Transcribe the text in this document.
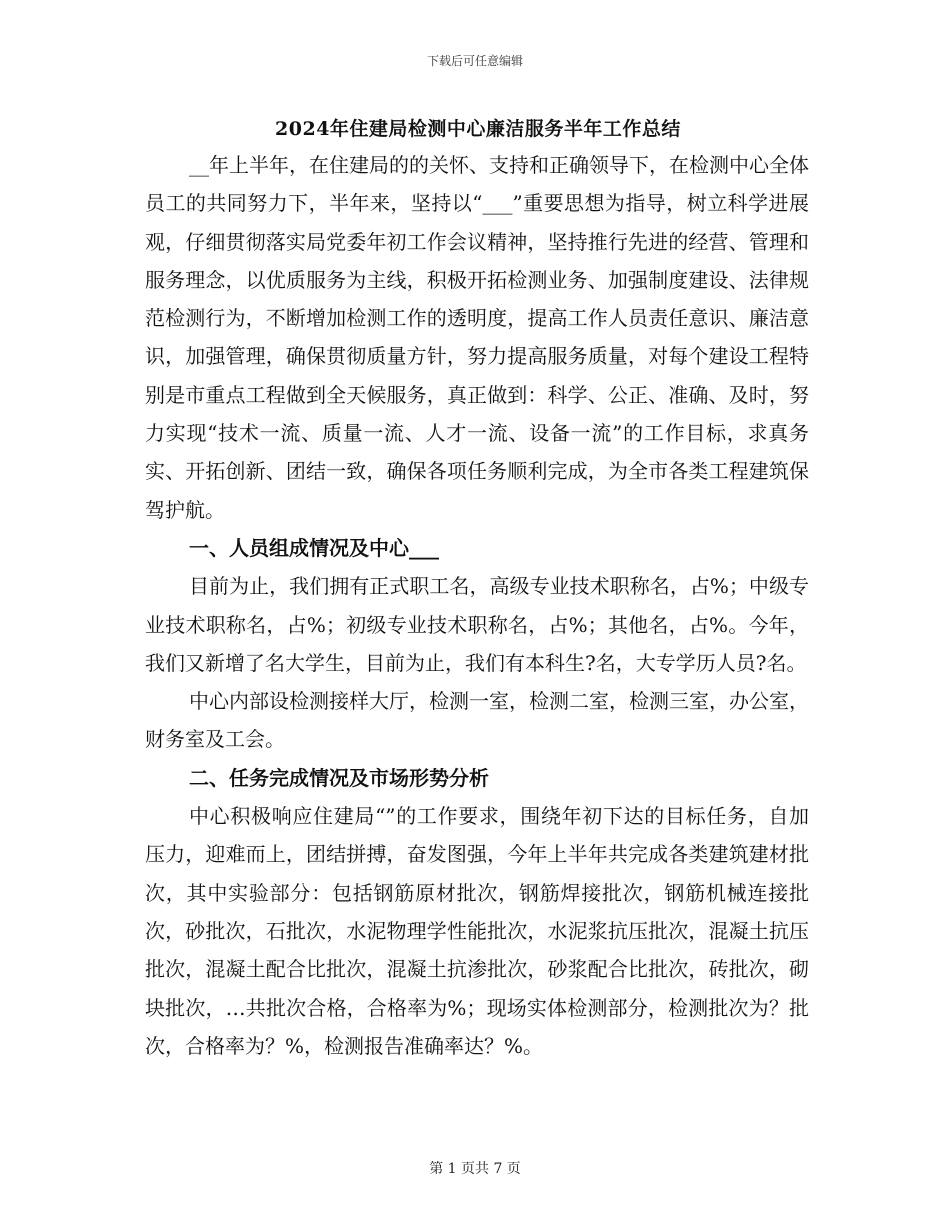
下载后可任意编辑
2024年住建局检测中心廉洁服务半年工作总结

__年上半年，在住建局的的关怀、支持和正确领导下，在检测中心全体员工的共同努力下，半年来，坚持以“___”重要思想为指导，树立科学进展观，仔细贯彻落实局党委年初工作会议精神，坚持推行先进的经营、管理和服务理念，以优质服务为主线，积极开拓检测业务、加强制度建设、法律规范检测行为，不断增加检测工作的透明度，提高工作人员责任意识、廉洁意识，加强管理，确保贯彻质量方针，努力提高服务质量，对每个建设工程特别是市重点工程做到全天候服务，真正做到：科学、公正、准确、及时，努力实现“技术一流、质量一流、人才一流、设备一流”的工作目标，求真务实、开拓创新、团结一致，确保各项任务顺利完成，为全市各类工程建筑保驾护航。

一、人员组成情况及中心___

目前为止，我们拥有正式职工名，高级专业技术职称名，占%；中级专业技术职称名，占%；初级专业技术职称名，占%；其他名，占%。今年，我们又新增了名大学生，目前为止，我们有本科生?名，大专学历人员?名。

中心内部设检测接样大厅，检测一室，检测二室，检测三室，办公室，财务室及工会。

二、任务完成情况及市场形势分析

中心积极响应住建局“”的工作要求，围绕年初下达的目标任务，自加压力，迎难而上，团结拼搏，奋发图强，今年上半年共完成各类建筑建材批次，其中实验部分：包括钢筋原材批次，钢筋焊接批次，钢筋机械连接批次，砂批次，石批次，水泥物理学性能批次，水泥浆抗压批次，混凝土抗压批次，混凝土配合比批次，混凝土抗渗批次，砂浆配合比批次，砖批次，砌块批次，…共批次合格，合格率为%；现场实体检测部分，检测批次为？批次，合格率为？%，检测报告准确率达？%。

第 1 页共 7 页
